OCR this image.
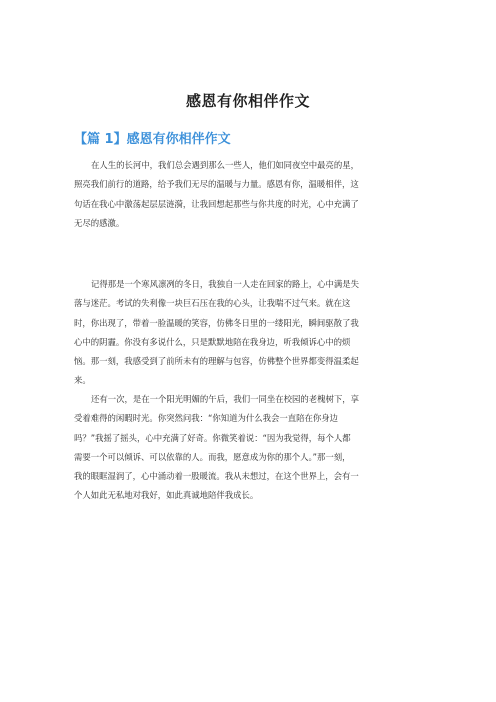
感恩有你相伴作文
【篇 1】感恩有你相伴作文

在人生的长河中，我们总会遇到那么一些人，他们如同夜空中最亮的星，
照亮我们前行的道路，给予我们无尽的温暖与力量。感恩有你，温暖相伴，这
句话在我心中激荡起层层涟漪，让我回想起那些与你共度的时光，心中充满了
无尽的感激。

记得那是一个寒风凛冽的冬日，我独自一人走在回家的路上，心中满是失
落与迷茫。考试的失利像一块巨石压在我的心头，让我喘不过气来。就在这
时，你出现了，带着一脸温暖的笑容，仿佛冬日里的一缕阳光，瞬间驱散了我
心中的阴霾。你没有多说什么，只是默默地陪在我身边，听我倾诉心中的烦
恼。那一刻，我感受到了前所未有的理解与包容，仿佛整个世界都变得温柔起
来。

还有一次，是在一个阳光明媚的午后，我们一同坐在校园的老槐树下，享
受着难得的闲暇时光。你突然问我：“你知道为什么我会一直陪在你身边
吗？”我摇了摇头，心中充满了好奇。你微笑着说：“因为我觉得，每个人都
需要一个可以倾诉、可以依靠的人。而我，愿意成为你的那个人。”那一刻，
我的眼眶湿润了，心中涌动着一股暖流。我从未想过，在这个世界上，会有一
个人如此无私地对我好，如此真诚地陪伴我成长。
